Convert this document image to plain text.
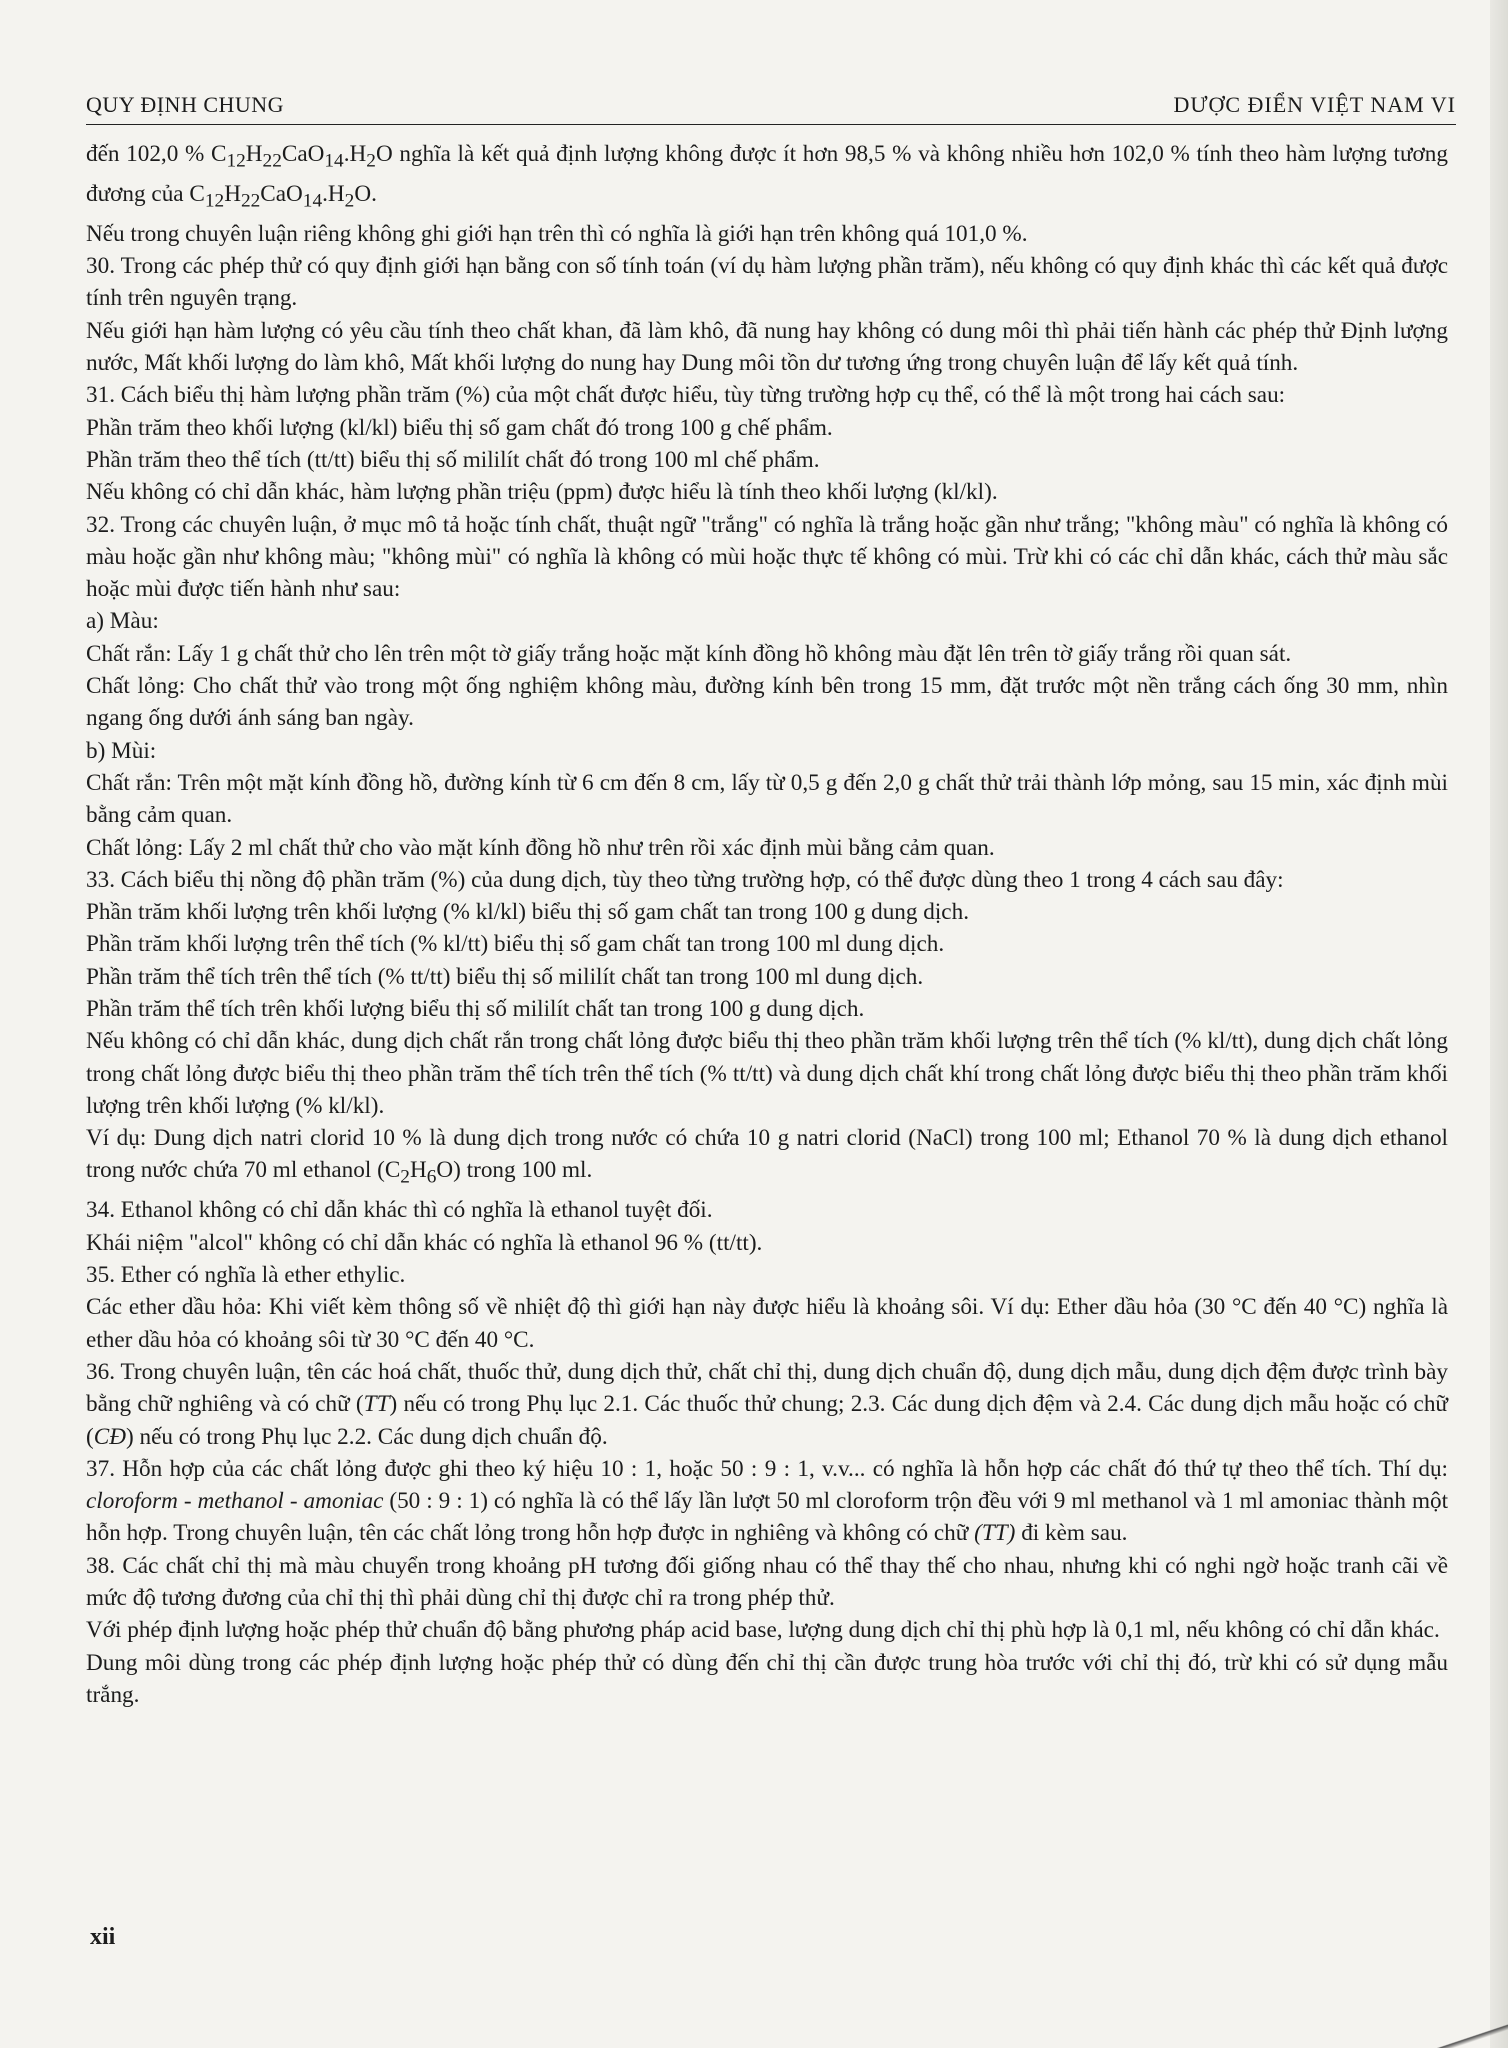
QUY ĐỊNH CHUNG	DƯỢC ĐIỂN VIỆT NAM VI

đến 102,0 % $C_{12}H_{22}CaO_{14}.H_2O$ nghĩa là kết quả định lượng không được ít hơn 98,5 % và không nhiều hơn 102,0 % tính theo hàm lượng tương đương của $C_{12}H_{22}CaO_{14}.H_2O$.

Nếu trong chuyên luận riêng không ghi giới hạn trên thì có nghĩa là giới hạn trên không quá 101,0 %.

30. Trong các phép thử có quy định giới hạn bằng con số tính toán (ví dụ hàm lượng phần trăm), nếu không có quy định khác thì các kết quả được tính trên nguyên trạng.

Nếu giới hạn hàm lượng có yêu cầu tính theo chất khan, đã làm khô, đã nung hay không có dung môi thì phải tiến hành các phép thử Định lượng nước, Mất khối lượng do làm khô, Mất khối lượng do nung hay Dung môi tồn dư tương ứng trong chuyên luận để lấy kết quả tính.

31. Cách biểu thị hàm lượng phần trăm (%) của một chất được hiểu, tùy từng trường hợp cụ thể, có thể là một trong hai cách sau:

Phần trăm theo khối lượng (kl/kl) biểu thị số gam chất đó trong 100 g chế phẩm.

Phần trăm theo thể tích (tt/tt) biểu thị số mililít chất đó trong 100 ml chế phẩm.

Nếu không có chỉ dẫn khác, hàm lượng phần triệu (ppm) được hiểu là tính theo khối lượng (kl/kl).

32. Trong các chuyên luận, ở mục mô tả hoặc tính chất, thuật ngữ "trắng" có nghĩa là trắng hoặc gần như trắng; "không màu" có nghĩa là không có màu hoặc gần như không màu; "không mùi" có nghĩa là không có mùi hoặc thực tế không có mùi. Trừ khi có các chỉ dẫn khác, cách thử màu sắc hoặc mùi được tiến hành như sau:

a) Màu:

Chất rắn: Lấy 1 g chất thử cho lên trên một tờ giấy trắng hoặc mặt kính đồng hồ không màu đặt lên trên tờ giấy trắng rồi quan sát.

Chất lỏng: Cho chất thử vào trong một ống nghiệm không màu, đường kính bên trong 15 mm, đặt trước một nền trắng cách ống 30 mm, nhìn ngang ống dưới ánh sáng ban ngày.

b) Mùi:

Chất rắn: Trên một mặt kính đồng hồ, đường kính từ 6 cm đến 8 cm, lấy từ 0,5 g đến 2,0 g chất thử trải thành lớp mỏng, sau 15 min, xác định mùi bằng cảm quan.

Chất lỏng: Lấy 2 ml chất thử cho vào mặt kính đồng hồ như trên rồi xác định mùi bằng cảm quan.

33. Cách biểu thị nồng độ phần trăm (%) của dung dịch, tùy theo từng trường hợp, có thể được dùng theo 1 trong 4 cách sau đây:

Phần trăm khối lượng trên khối lượng (% kl/kl) biểu thị số gam chất tan trong 100 g dung dịch.

Phần trăm khối lượng trên thể tích (% kl/tt) biểu thị số gam chất tan trong 100 ml dung dịch.

Phần trăm thể tích trên thể tích (% tt/tt) biểu thị số mililít chất tan trong 100 ml dung dịch.

Phần trăm thể tích trên khối lượng biểu thị số mililít chất tan trong 100 g dung dịch.

Nếu không có chỉ dẫn khác, dung dịch chất rắn trong chất lỏng được biểu thị theo phần trăm khối lượng trên thể tích (% kl/tt), dung dịch chất lỏng trong chất lỏng được biểu thị theo phần trăm thể tích trên thể tích (% tt/tt) và dung dịch chất khí trong chất lỏng được biểu thị theo phần trăm khối lượng trên khối lượng (% kl/kl).

Ví dụ: Dung dịch natri clorid 10 % là dung dịch trong nước có chứa 10 g natri clorid (NaCl) trong 100 ml; Ethanol 70 % là dung dịch ethanol trong nước chứa 70 ml ethanol $(C_2H_6O)$ trong 100 ml.

34. Ethanol không có chỉ dẫn khác thì có nghĩa là ethanol tuyệt đối.

Khái niệm "alcol" không có chỉ dẫn khác có nghĩa là ethanol 96 % (tt/tt).

35. Ether có nghĩa là ether ethylic.

Các ether dầu hỏa: Khi viết kèm thông số về nhiệt độ thì giới hạn này được hiểu là khoảng sôi. Ví dụ: Ether dầu hỏa (30 °C đến 40 °C) nghĩa là ether dầu hỏa có khoảng sôi từ 30 °C đến 40 °C.

36. Trong chuyên luận, tên các hoá chất, thuốc thử, dung dịch thử, chất chỉ thị, dung dịch chuẩn độ, dung dịch mẫu, dung dịch đệm được trình bày bằng chữ nghiêng và có chữ (TT) nếu có trong Phụ lục 2.1. Các thuốc thử chung; 2.3. Các dung dịch đệm và 2.4. Các dung dịch mẫu hoặc có chữ (CĐ) nếu có trong Phụ lục 2.2. Các dung dịch chuẩn độ.

37. Hỗn hợp của các chất lỏng được ghi theo ký hiệu 10 : 1, hoặc 50 : 9 : 1, v.v... có nghĩa là hỗn hợp các chất đó thứ tự theo thể tích. Thí dụ: cloroform - methanol - amoniac (50 : 9 : 1) có nghĩa là có thể lấy lần lượt 50 ml cloroform trộn đều với 9 ml methanol và 1 ml amoniac thành một hỗn hợp. Trong chuyên luận, tên các chất lỏng trong hỗn hợp được in nghiêng và không có chữ (TT) đi kèm sau.

38. Các chất chỉ thị mà màu chuyển trong khoảng pH tương đối giống nhau có thể thay thế cho nhau, nhưng khi có nghi ngờ hoặc tranh cãi về mức độ tương đương của chỉ thị thì phải dùng chỉ thị được chỉ ra trong phép thử.

Với phép định lượng hoặc phép thử chuẩn độ bằng phương pháp acid base, lượng dung dịch chỉ thị phù hợp là 0,1 ml, nếu không có chỉ dẫn khác.

Dung môi dùng trong các phép định lượng hoặc phép thử có dùng đến chỉ thị cần được trung hòa trước với chỉ thị đó, trừ khi có sử dụng mẫu trắng.

xii
